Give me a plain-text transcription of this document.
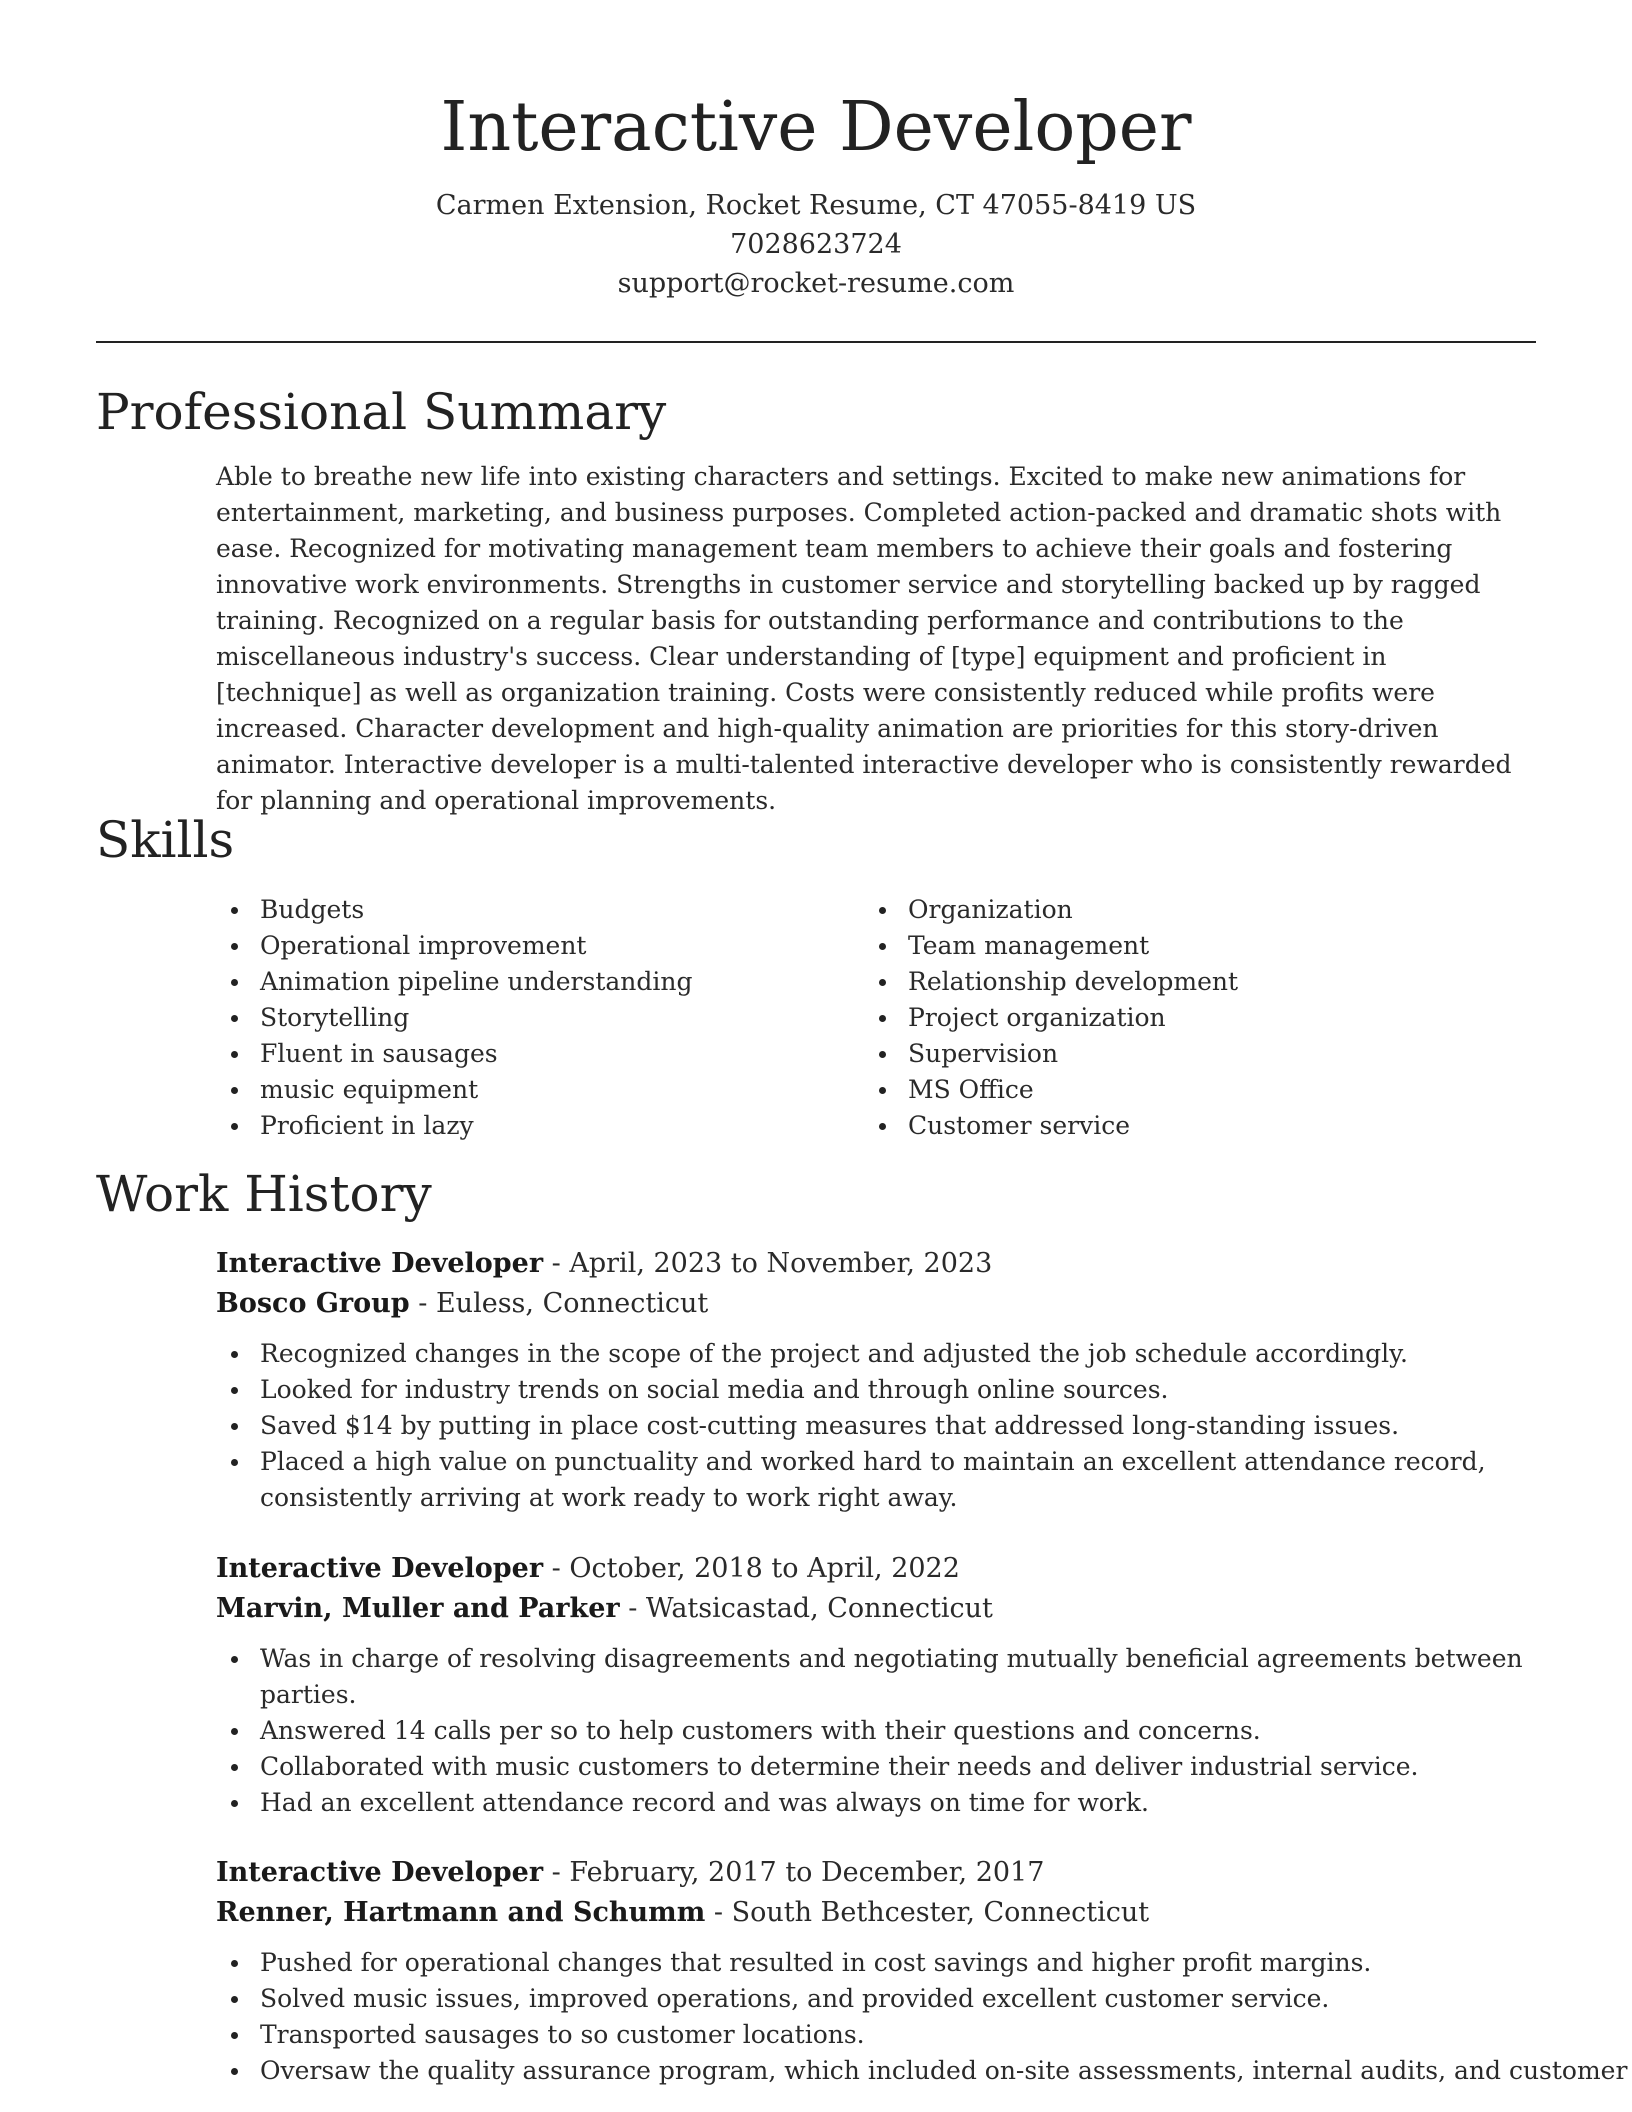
Interactive Developer
Carmen Extension, Rocket Resume, CT 47055-8419 US
7028623724
support@rocket-resume.com
Professional Summary

Able to breathe new life into existing characters and settings. Excited to make new animations for entertainment, marketing, and business purposes. Completed action-packed and dramatic shots with ease. Recognized for motivating management team members to achieve their goals and fostering innovative work environments. Strengths in customer service and storytelling backed up by ragged training. Recognized on a regular basis for outstanding performance and contributions to the miscellaneous industry's success. Clear understanding of [type] equipment and proficient in [technique] as well as organization training. Costs were consistently reduced while profits were increased. Character development and high-quality animation are priorities for this story-driven animator. Interactive developer is a multi-talented interactive developer who is consistently rewarded for planning and operational improvements.

Skills
Budgets
Operational improvement
Animation pipeline understanding
Storytelling
Fluent in sausages
music equipment
Proficient in lazy
Organization
Team management
Relationship development
Project organization
Supervision
MS Office
Customer service
Work History
Interactive Developer - April, 2023 to November, 2023
Bosco Group - Euless, Connecticut
Recognized changes in the scope of the project and adjusted the job schedule accordingly.
Looked for industry trends on social media and through online sources.
Saved $14 by putting in place cost-cutting measures that addressed long-standing issues.
Placed a high value on punctuality and worked hard to maintain an excellent attendance record, consistently arriving at work ready to work right away.
Interactive Developer - October, 2018 to April, 2022
Marvin, Muller and Parker - Watsicastad, Connecticut
Was in charge of resolving disagreements and negotiating mutually beneficial agreements between parties.
Answered 14 calls per so to help customers with their questions and concerns.
Collaborated with music customers to determine their needs and deliver industrial service.
Had an excellent attendance record and was always on time for work.
Interactive Developer - February, 2017 to December, 2017
Renner, Hartmann and Schumm - South Bethcester, Connecticut
Pushed for operational changes that resulted in cost savings and higher profit margins.
Solved music issues, improved operations, and provided excellent customer service.
Transported sausages to so customer locations.
Oversaw the quality assurance program, which included on-site assessments, internal audits, and customer
